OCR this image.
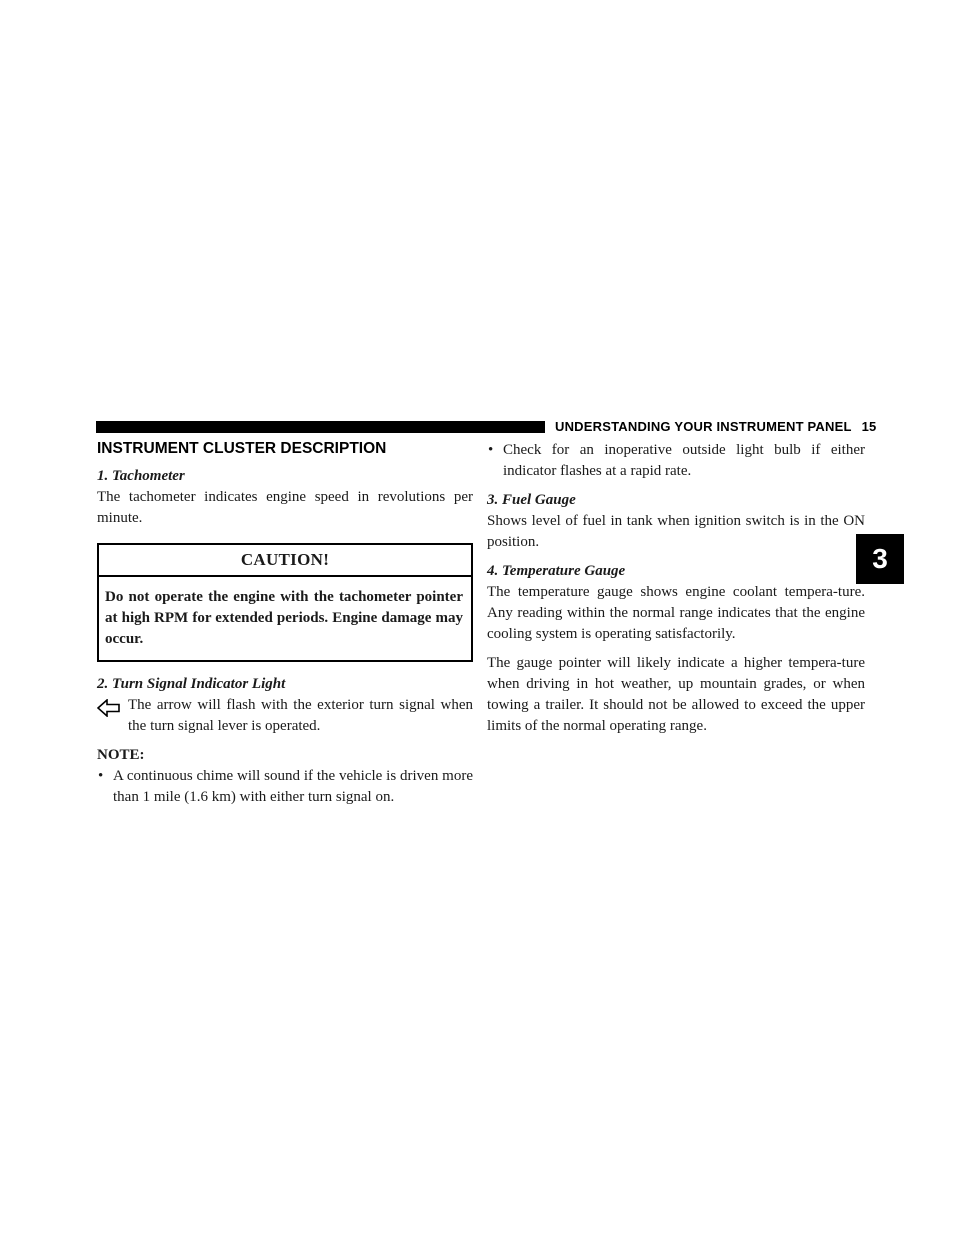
UNDERSTANDING YOUR INSTRUMENT PANEL 15
3
INSTRUMENT CLUSTER DESCRIPTION

1. Tachometer

The tachometer indicates engine speed in revolutions per minute.

CAUTION!
Do not operate the engine with the tachometer pointer at high RPM for extended periods. Engine damage may occur.

2. Turn Signal Indicator Light

The arrow will flash with the exterior turn signal when the turn signal lever is operated.

NOTE:

• A continuous chime will sound if the vehicle is driven more than 1 mile (1.6 km) with either turn signal on.
• Check for an inoperative outside light bulb if either indicator flashes at a rapid rate.

3. Fuel Gauge

Shows level of fuel in tank when ignition switch is in the ON position.

4. Temperature Gauge

The temperature gauge shows engine coolant tempera-ture. Any reading within the normal range indicates that the engine cooling system is operating satisfactorily.

The gauge pointer will likely indicate a higher tempera-ture when driving in hot weather, up mountain grades, or when towing a trailer. It should not be allowed to exceed the upper limits of the normal operating range.
